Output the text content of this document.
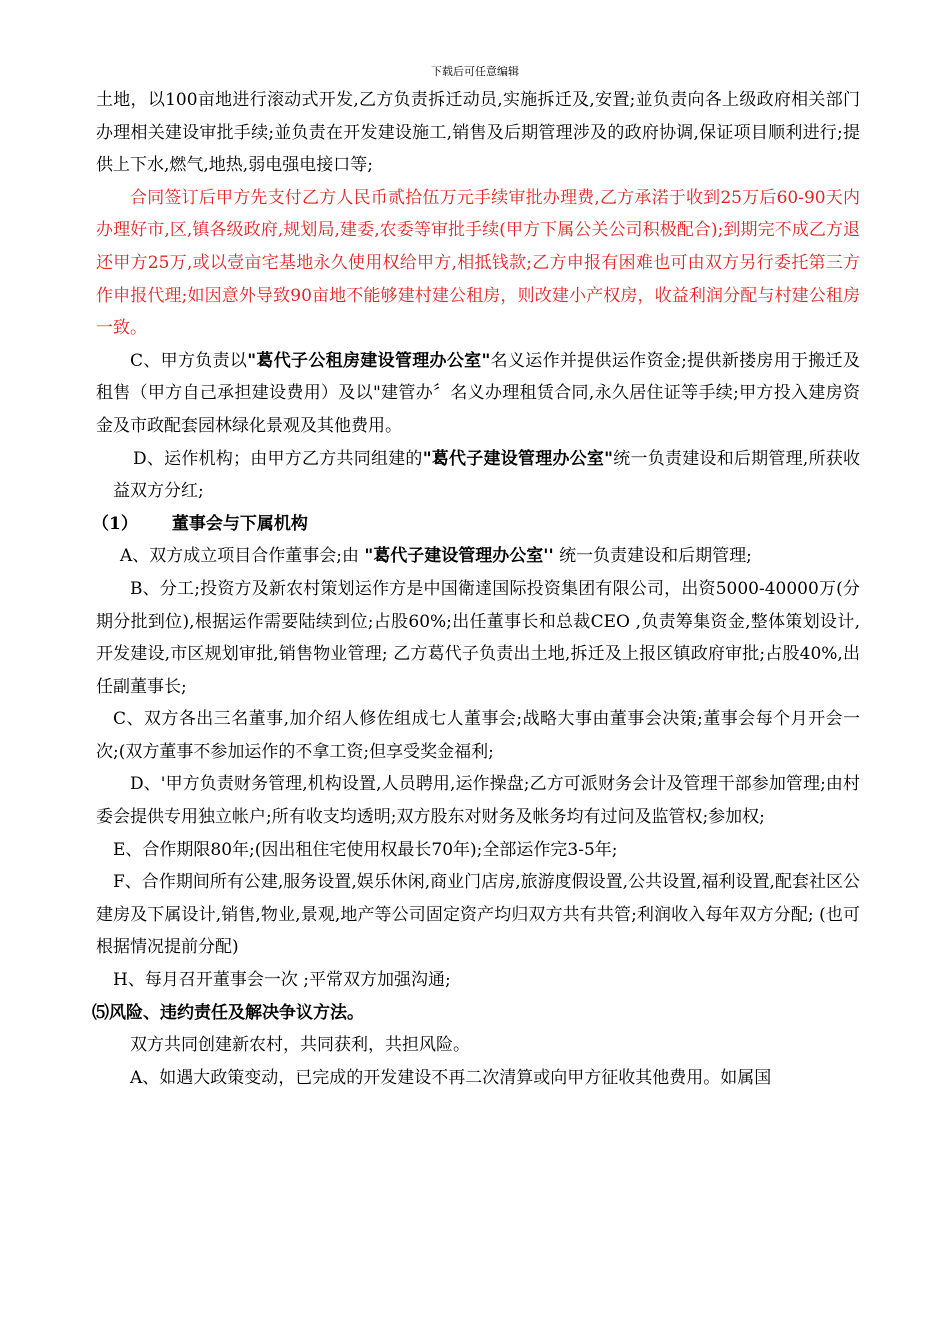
下载后可任意编辑

土地，以100亩地进行滚动式开发,乙方负责拆迁动员,实施拆迁及,安置;並负责向各上级政府相关部门办理相关建设审批手续;並负责在开发建设施工,销售及后期管理涉及的政府协调,保证项目顺利进行;提供上下水,燃气,地热,弱电强电接口等;

合同签订后甲方先支付乙方人民币贰拾伍万元手续审批办理费,乙方承渃于收到25万后60-90天内办理好市,区,镇各级政府,规划局,建委,农委等审批手续(甲方下属公关公司积极配合);到期完不成乙方退还甲方25万,或以壹亩宅基地永久使用权给甲方,相抵钱款;乙方申报有困难也可由双方另行委托第三方作申报代理;如因意外导致90亩地不能够建村建公租房，则改建小产权房，收益利润分配与村建公租房一致。

C、甲方负责以"葛代子公租房建设管理办公室"名义运作并提供运作资金;提供新搂房用于搬迁及租售（甲方自己承担建设费用）及以"建管办〞名义办理租赁合同,永久居住证等手续;甲方投入建房资金及市政配套园林绿化景观及其他费用。

D、运作机构；由甲方乙方共同组建的"葛代子建设管理办公室"统一负责建设和后期管理,所获收益双方分红;

（1） 董事会与下属机构

A、双方成立项目合作董事会;由 "葛代子建设管理办公室'' 统一负责建设和后期管理;

B、分工;投资方及新农村策划运作方是中国衛達国际投资集团有限公司，出资5000-40000万(分期分批到位),根据运作需要陆续到位;占股60%;出任董事长和总裁CEO ,负责筹集资金,整体策划设计,开发建设,市区规划审批,销售物业管理; 乙方葛代子负责出土地,拆迁及上报区镇政府审批;占股40%,出任副董事长;

C、双方各出三名董事,加介绍人修佐组成七人董事会;战略大事由董事会决策;董事会每个月开会一次;(双方董事不参加运作的不拿工资;但享受奖金福利;

D、'甲方负责财务管理,机构设置,人员聘用,运作操盘;乙方可派财务会计及管理干部参加管理;由村委会提供专用独立帐户;所有收支均透明;双方股东对财务及帐务均有过问及监管权;参加权;

E、合作期限80年;(因出租住宅使用权最长70年);全部运作完3-5年;

F、合作期间所有公建,服务设置,娱乐休闲,商业门店房,旅游度假设置,公共设置,福利设置,配套社区公建房及下属设计,销售,物业,景观,地产等公司固定资产均归双方共有共管;利润收入每年双方分配; (也可根据情况提前分配)

H、每月召开董事会一次 ;平常双方加强沟通;

⑸风险、违约责任及解决争议方法。

双方共同创建新农村，共同获利，共担风险。

A、如遇大政策变动，已完成的开发建设不再二次清算或向甲方征收其他费用。如属国
